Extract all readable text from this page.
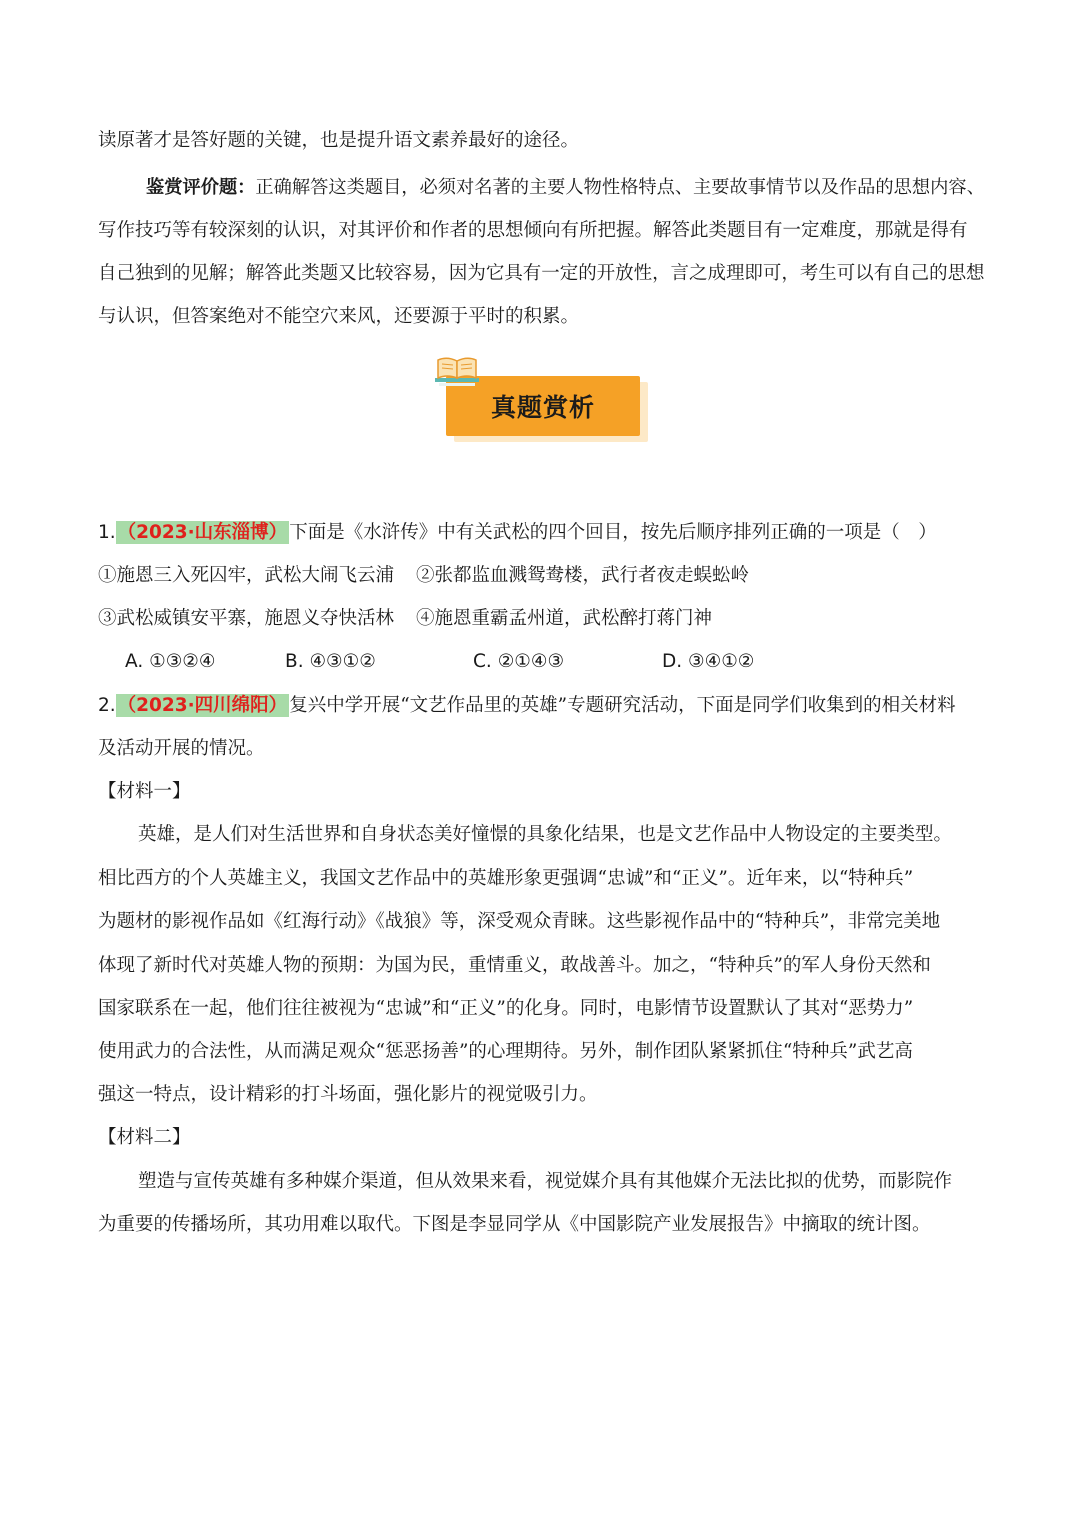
读原著才是答好题的关键，也是提升语文素养最好的途径。
鉴赏评价题：正确解答这类题目，必须对名著的主要人物性格特点、主要故事情节以及作品的思想内容、
写作技巧等有较深刻的认识，对其评价和作者的思想倾向有所把握。解答此类题目有一定难度，那就是得有
自己独到的见解；解答此类题又比较容易，因为它具有一定的开放性，言之成理即可，考生可以有自己的思想
与认识，但答案绝对不能空穴来风，还要源于平时的积累。
真题赏析
1. （2023·山东淄博） 下面是《水浒传》中有关武松的四个回目，按先后顺序排列正确的一项是（　）
①施恩三入死囚牢，武松大闹飞云浦 ②张都监血溅鸳鸯楼，武行者夜走蜈蚣岭
③武松威镇安平寨，施恩义夺快活林 ④施恩重霸孟州道，武松醉打蒋门神
A. ①③②④	B. ④③①②	C. ②①④③	D. ③④①②
2. （2023·四川绵阳） 复兴中学开展“文艺作品里的英雄”专题研究活动，下面是同学们收集到的相关材料
及活动开展的情况。
【材料一】
英雄，是人们对生活世界和自身状态美好憧憬的具象化结果，也是文艺作品中人物设定的主要类型。
相比西方的个人英雄主义，我国文艺作品中的英雄形象更强调“忠诚”和“正义”。近年来，以“特种兵”
为题材的影视作品如《红海行动》《战狼》等，深受观众青睐。这些影视作品中的“特种兵”，非常完美地
体现了新时代对英雄人物的预期：为国为民，重情重义，敢战善斗。加之，“特种兵”的军人身份天然和
国家联系在一起，他们往往被视为“忠诚”和“正义”的化身。同时，电影情节设置默认了其对“恶势力”
使用武力的合法性，从而满足观众“惩恶扬善”的心理期待。另外，制作团队紧紧抓住“特种兵”武艺高
强这一特点，设计精彩的打斗场面，强化影片的视觉吸引力。
【材料二】
塑造与宣传英雄有多种媒介渠道，但从效果来看，视觉媒介具有其他媒介无法比拟的优势，而影院作
为重要的传播场所，其功用难以取代。下图是李显同学从《中国影院产业发展报告》中摘取的统计图。
